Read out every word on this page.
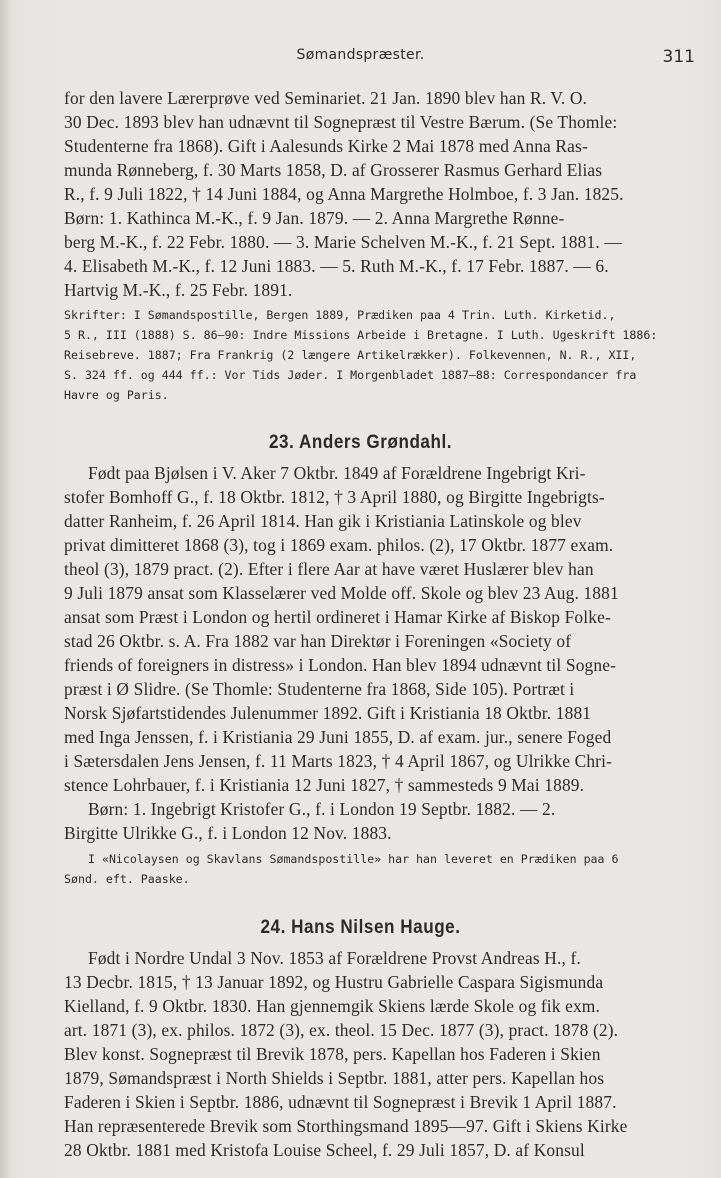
Sømandspræster.	311
for den lavere Lærerprøve ved Seminariet. 21 Jan. 1890 blev han R. V. O.
30 Dec. 1893 blev han udnævnt til Sognepræst til Vestre Bærum. (Se Thomle:
Studenterne fra 1868). Gift i Aalesunds Kirke 2 Mai 1878 med Anna Ras-
munda Rønneberg, f. 30 Marts 1858, D. af Grosserer Rasmus Gerhard Elias
R., f. 9 Juli 1822, † 14 Juni 1884, og Anna Margrethe Holmboe, f. 3 Jan. 1825.
Børn: 1. Kathinca M.-K., f. 9 Jan. 1879. — 2. Anna Margrethe Rønne-
berg M.-K., f. 22 Febr. 1880. — 3. Marie Schelven M.-K., f. 21 Sept. 1881. —
4. Elisabeth M.-K., f. 12 Juni 1883. — 5. Ruth M.-K., f. 17 Febr. 1887. — 6.
Hartvig M.-K., f. 25 Febr. 1891.
Skrifter: I Sømandspostille, Bergen 1889, Prædiken paa 4 Trin. Luth. Kirketid.,
5 R., III (1888) S. 86—90: Indre Missions Arbeide i Bretagne. I Luth. Ugeskrift 1886:
Reisebreve. 1887; Fra Frankrig (2 længere Artikelrækker). Folkevennen, N. R., XII,
S. 324 ff. og 444 ff.: Vor Tids Jøder. I Morgenbladet 1887—88: Correspondancer fra
Havre og Paris.
23. Anders Grøndahl.
Født paa Bjølsen i V. Aker 7 Oktbr. 1849 af Forældrene Ingebrigt Kri-
stofer Bomhoff G., f. 18 Oktbr. 1812, † 3 April 1880, og Birgitte Ingebrigts-
datter Ranheim, f. 26 April 1814. Han gik i Kristiania Latinskole og blev
privat dimitteret 1868 (3), tog i 1869 exam. philos. (2), 17 Oktbr. 1877 exam.
theol (3), 1879 pract. (2). Efter i flere Aar at have været Huslærer blev han
9 Juli 1879 ansat som Klasselærer ved Molde off. Skole og blev 23 Aug. 1881
ansat som Præst i London og hertil ordineret i Hamar Kirke af Biskop Folke-
stad 26 Oktbr. s. A. Fra 1882 var han Direktør i Foreningen «Society of
friends of foreigners in distress» i London. Han blev 1894 udnævnt til Sogne-
præst i Ø Slidre. (Se Thomle: Studenterne fra 1868, Side 105). Portræt i
Norsk Sjøfartstidendes Julenummer 1892. Gift i Kristiania 18 Oktbr. 1881
med Inga Jenssen, f. i Kristiania 29 Juni 1855, D. af exam. jur., senere Foged
i Sætersdalen Jens Jensen, f. 11 Marts 1823, † 4 April 1867, og Ulrikke Chri-
stence Lohrbauer, f. i Kristiania 12 Juni 1827, † sammesteds 9 Mai 1889.
Børn: 1. Ingebrigt Kristofer G., f. i London 19 Septbr. 1882. — 2.
Birgitte Ulrikke G., f. i London 12 Nov. 1883.
I «Nicolaysen og Skavlans Sømandspostille» har han leveret en Prædiken paa 6
Sønd. eft. Paaske.
24. Hans Nilsen Hauge.
Født i Nordre Undal 3 Nov. 1853 af Forældrene Provst Andreas H., f.
13 Decbr. 1815, † 13 Januar 1892, og Hustru Gabrielle Caspara Sigismunda
Kielland, f. 9 Oktbr. 1830. Han gjennemgik Skiens lærde Skole og fik exm.
art. 1871 (3), ex. philos. 1872 (3), ex. theol. 15 Dec. 1877 (3), pract. 1878 (2).
Blev konst. Sognepræst til Brevik 1878, pers. Kapellan hos Faderen i Skien
1879, Sømandspræst i North Shields i Septbr. 1881, atter pers. Kapellan hos
Faderen i Skien i Septbr. 1886, udnævnt til Sognepræst i Brevik 1 April 1887.
Han repræsenterede Brevik som Storthingsmand 1895—97. Gift i Skiens Kirke
28 Oktbr. 1881 med Kristofa Louise Scheel, f. 29 Juli 1857, D. af Konsul
